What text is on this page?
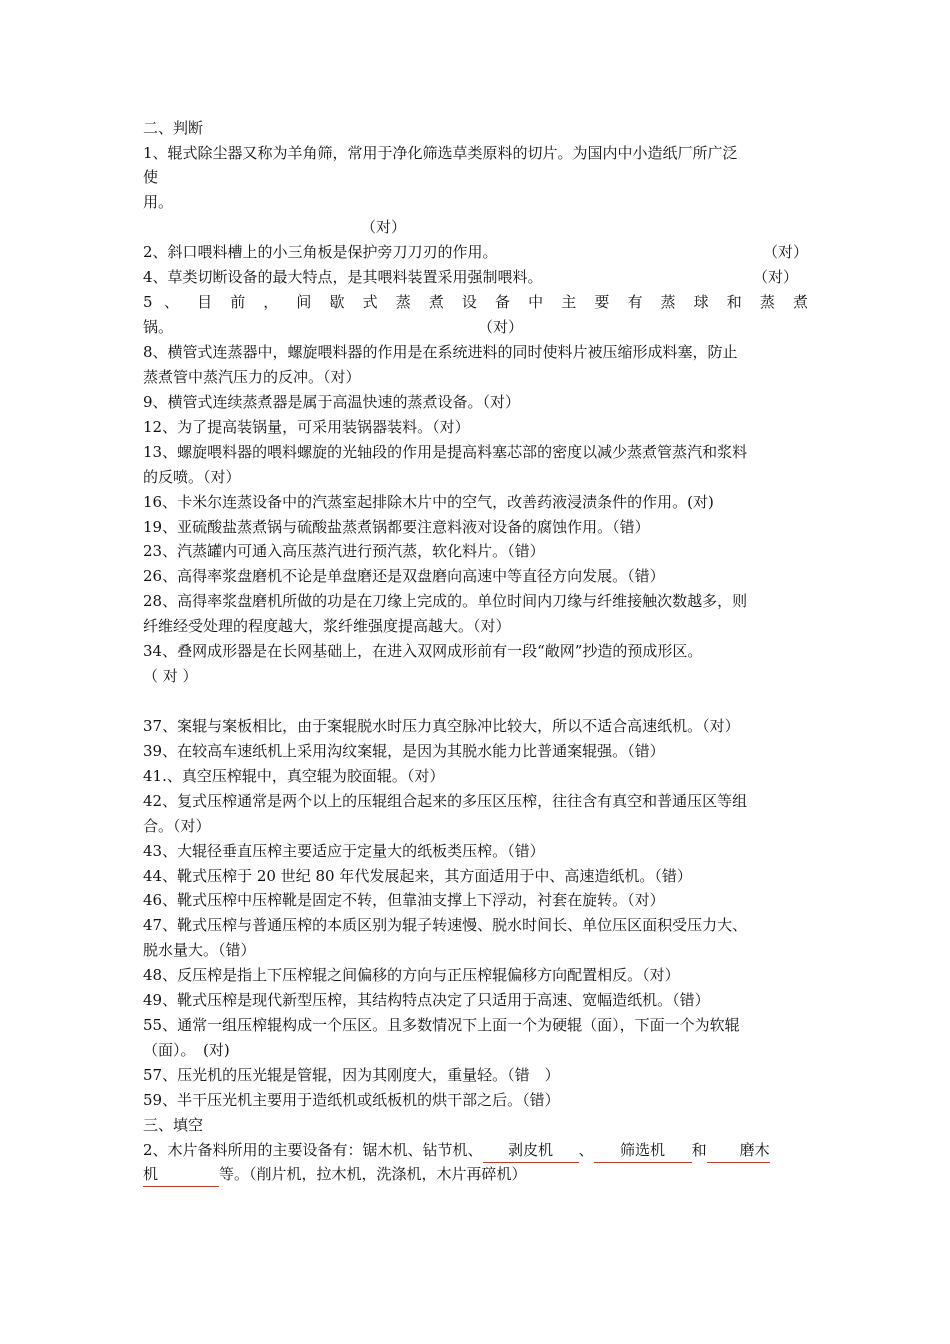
二、判断
1、辊式除尘器又称为羊角筛，常用于净化筛选草类原料的切片。为国内中小造纸厂所广泛
使
用。
（对）
2、斜口喂料槽上的小三角板是保护旁刀刀刃的作用。	（对）
4、草类切断设备的最大特点，是其喂料装置采用强制喂料。	（对）
5 、 目 前 ， 间 歇 式 蒸 煮 设 备 中 主 要 有 蒸 球 和 蒸 煮
锅。	（对）
8、横管式连蒸器中，螺旋喂料器的作用是在系统进料的同时使料片被压缩形成料塞，防止
蒸煮管中蒸汽压力的反冲。（对）
9、横管式连续蒸煮器是属于高温快速的蒸煮设备。（对）
12、为了提高装锅量，可采用装锅器装料。（对）
13、螺旋喂料器的喂料螺旋的光轴段的作用是提高料塞芯部的密度以减少蒸煮管蒸汽和浆料
的反喷。（对）
16、卡米尔连蒸设备中的汽蒸室起排除木片中的空气，改善药液浸渍条件的作用。(对)
19、亚硫酸盐蒸煮锅与硫酸盐蒸煮锅都要注意料液对设备的腐蚀作用。（错）
23、汽蒸罐内可通入高压蒸汽进行预汽蒸，软化料片。（错）
26、高得率浆盘磨机不论是单盘磨还是双盘磨向高速中等直径方向发展。（错）
28、高得率浆盘磨机所做的功是在刀缘上完成的。单位时间内刀缘与纤维接触次数越多，则
纤维经受处理的程度越大，浆纤维强度提高越大。（对）
34、叠网成形器是在长网基础上，在进入双网成形前有一段“敞网”抄造的预成形区。
（ 对 ）
37、案辊与案板相比，由于案辊脱水时压力真空脉冲比较大，所以不适合高速纸机。（对）
39、在较高车速纸机上采用沟纹案辊，是因为其脱水能力比普通案辊强。（错）
41.、真空压榨辊中，真空辊为胶面辊。（对）
42、复式压榨通常是两个以上的压辊组合起来的多压区压榨，往往含有真空和普通压区等组
合。（对）
43、大辊径垂直压榨主要适应于定量大的纸板类压榨。（错）
44、靴式压榨于 20 世纪 80 年代发展起来，其方面适用于中、高速造纸机。（错）
46、靴式压榨中压榨靴是固定不转，但靠油支撑上下浮动，衬套在旋转。（对）
47、靴式压榨与普通压榨的本质区别为辊子转速慢、脱水时间长、单位压区面积受压力大、
脱水量大。（错）
48、反压榨是指上下压榨辊之间偏移的方向与正压榨辊偏移方向配置相反。（对）
49、靴式压榨是现代新型压榨，其结构特点决定了只适用于高速、宽幅造纸机。（错）
55、通常一组压榨辊构成一个压区。且多数情况下上面一个为硬辊（面），下面一个为软辊
（面）。　(对)
57、压光机的压光辊是管辊，因为其刚度大，重量轻。（错　）
59、半干压光机主要用于造纸机或纸板机的烘干部之后。（错）
三、填空
2、木片备料所用的主要设备有：锯木机、钻节机、 剥皮机 、 筛选机 和 磨木
机	等。（削片机，拉木机，洗涤机，木片再碎机）
